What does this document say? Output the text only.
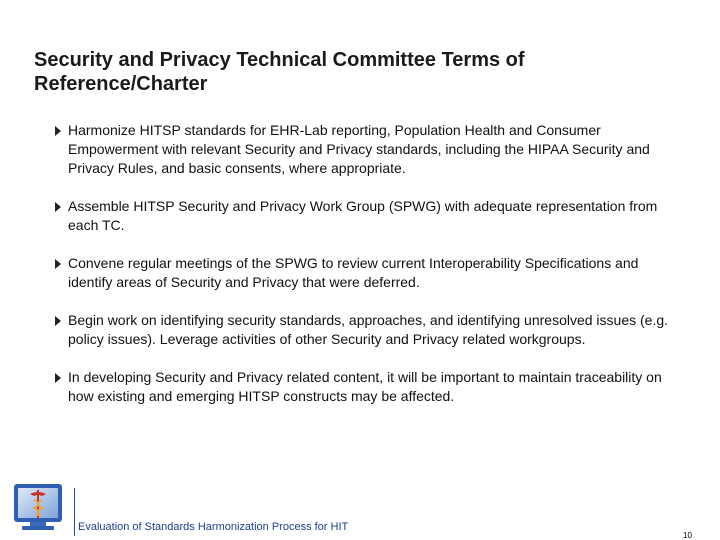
Security and Privacy Technical Committee Terms of
Reference/Charter
Harmonize HITSP standards for EHR-Lab reporting, Population Health and Consumer Empowerment with relevant Security and Privacy standards, including the HIPAA Security and Privacy Rules, and basic consents, where appropriate.
Assemble HITSP Security and Privacy Work Group (SPWG) with adequate representation from each TC.
Convene regular meetings of the SPWG to review current Interoperability Specifications and identify areas of Security and Privacy that were deferred.
Begin work on identifying security standards, approaches, and identifying unresolved issues (e.g. policy issues). Leverage activities of other Security and Privacy related workgroups.
In developing Security and Privacy related content, it will be important to maintain traceability on how existing and emerging HITSP constructs may be affected.
Evaluation of Standards Harmonization Process for HIT
10
